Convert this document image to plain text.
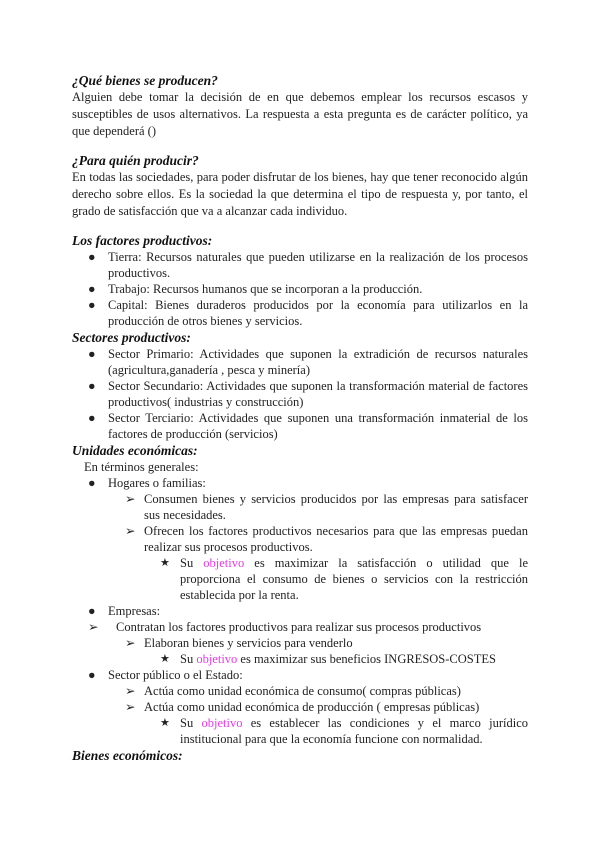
¿Qué bienes se producen?
Alguien debe tomar la decisión de en que debemos emplear los recursos escasos y susceptibles de usos alternativos. La respuesta a esta pregunta es de carácter político, ya que dependerá ()
¿Para quién producir?
En todas las sociedades, para poder disfrutar de los bienes, hay que tener reconocido algún derecho sobre ellos. Es la sociedad la que determina el tipo de respuesta y, por tanto, el grado de satisfacción que va a alcanzar cada individuo.
Los factores productivos:
● Tierra: Recursos naturales que pueden utilizarse en la realización de los procesos productivos.
● Trabajo: Recursos humanos que se incorporan a la producción.
● Capital: Bienes duraderos producidos por la economía para utilizarlos en la producción de otros bienes y servicios.
Sectores productivos:
● Sector Primario: Actividades que suponen la extradición de recursos naturales (agricultura,ganadería , pesca y minería)
● Sector Secundario: Actividades que suponen la transformación material de factores productivos( industrias y construcción)
● Sector Terciario: Actividades que suponen una transformación inmaterial de los factores de producción (servicios)
Unidades económicas:
En términos generales:
● Hogares o familias:
➢ Consumen bienes y servicios producidos por las empresas para satisfacer sus necesidades.
➢ Ofrecen los factores productivos necesarios para que las empresas puedan realizar sus procesos productivos.
★ Su objetivo es maximizar la satisfacción o utilidad que le proporciona el consumo de bienes o servicios con la restricción establecida por la renta.
● Empresas:
➢ Contratan los factores productivos para realizar sus procesos productivos
➢ Elaboran bienes y servicios para venderlo
★ Su objetivo es maximizar sus beneficios INGRESOS-COSTES
● Sector público o el Estado:
➢ Actúa como unidad económica de consumo( compras públicas)
➢ Actúa como unidad económica de producción ( empresas públicas)
★ Su objetivo es establecer las condiciones y el marco jurídico institucional para que la economía funcione con normalidad.
Bienes económicos:
